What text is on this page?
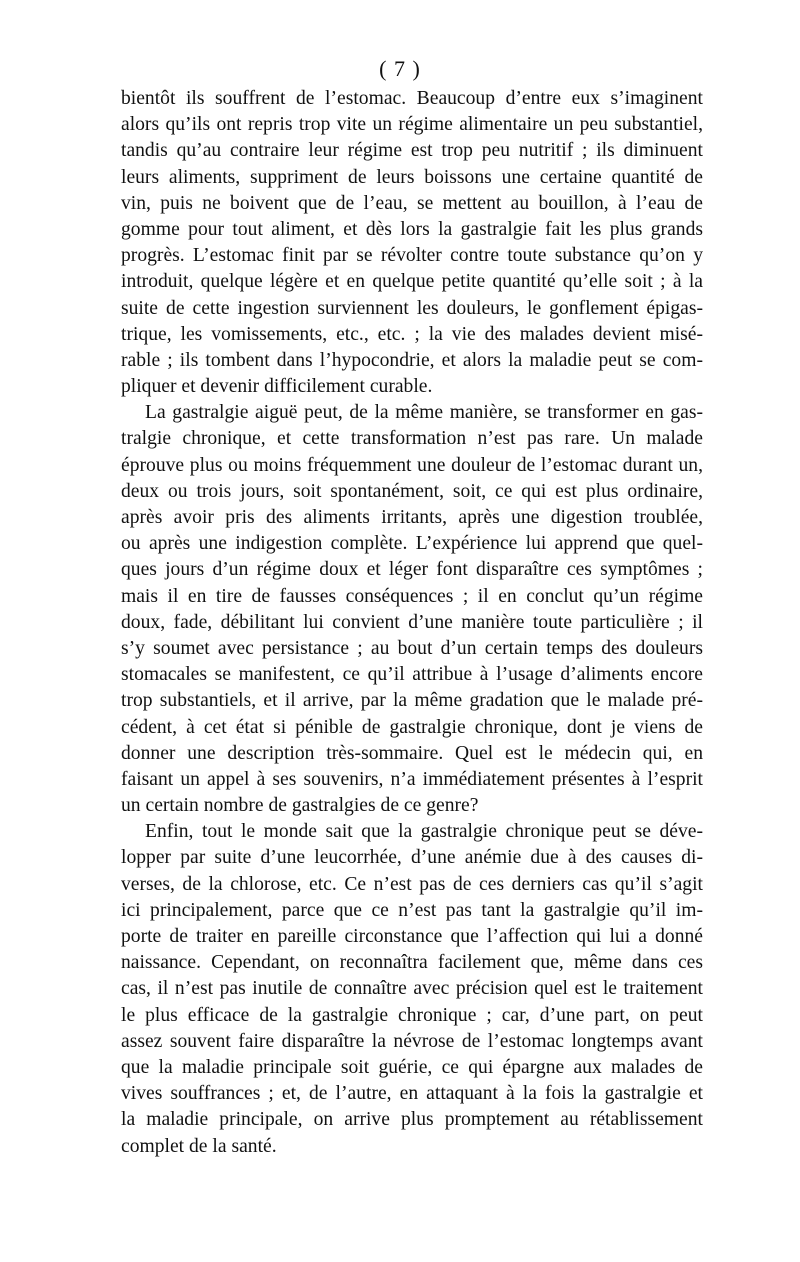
( 7 )
bientôt ils souffrent de l’estomac. Beaucoup d’entre eux s’imaginent
alors qu’ils ont repris trop vite un régime alimentaire un peu substantiel,
tandis qu’au contraire leur régime est trop peu nutritif ; ils diminuent
leurs aliments, suppriment de leurs boissons une certaine quantité de
vin, puis ne boivent que de l’eau, se mettent au bouillon, à l’eau de
gomme pour tout aliment, et dès lors la gastralgie fait les plus grands
progrès. L’estomac finit par se révolter contre toute substance qu’on y
introduit, quelque légère et en quelque petite quantité qu’elle soit ; à la
suite de cette ingestion surviennent les douleurs, le gonflement épigas-
trique, les vomissements, etc., etc. ; la vie des malades devient misé-
rable ; ils tombent dans l’hypocondrie, et alors la maladie peut se com-
pliquer et devenir difficilement curable.
La gastralgie aiguë peut, de la même manière, se transformer en gas-
tralgie chronique, et cette transformation n’est pas rare. Un malade
éprouve plus ou moins fréquemment une douleur de l’estomac durant un,
deux ou trois jours, soit spontanément, soit, ce qui est plus ordinaire,
après avoir pris des aliments irritants, après une digestion troublée,
ou après une indigestion complète. L’expérience lui apprend que quel-
ques jours d’un régime doux et léger font disparaître ces symptômes ;
mais il en tire de fausses conséquences ; il en conclut qu’un régime
doux, fade, débilitant lui convient d’une manière toute particulière ; il
s’y soumet avec persistance ; au bout d’un certain temps des douleurs
stomacales se manifestent, ce qu’il attribue à l’usage d’aliments encore
trop substantiels, et il arrive, par la même gradation que le malade pré-
cédent, à cet état si pénible de gastralgie chronique, dont je viens de
donner une description très-sommaire. Quel est le médecin qui, en
faisant un appel à ses souvenirs, n’a immédiatement présentes à l’esprit
un certain nombre de gastralgies de ce genre?
Enfin, tout le monde sait que la gastralgie chronique peut se déve-
lopper par suite d’une leucorrhée, d’une anémie due à des causes di-
verses, de la chlorose, etc. Ce n’est pas de ces derniers cas qu’il s’agit
ici principalement, parce que ce n’est pas tant la gastralgie qu’il im-
porte de traiter en pareille circonstance que l’affection qui lui a donné
naissance. Cependant, on reconnaîtra facilement que, même dans ces
cas, il n’est pas inutile de connaître avec précision quel est le traitement
le plus efficace de la gastralgie chronique ; car, d’une part, on peut
assez souvent faire disparaître la névrose de l’estomac longtemps avant
que la maladie principale soit guérie, ce qui épargne aux malades de
vives souffrances ; et, de l’autre, en attaquant à la fois la gastralgie et
la maladie principale, on arrive plus promptement au rétablissement
complet de la santé.
